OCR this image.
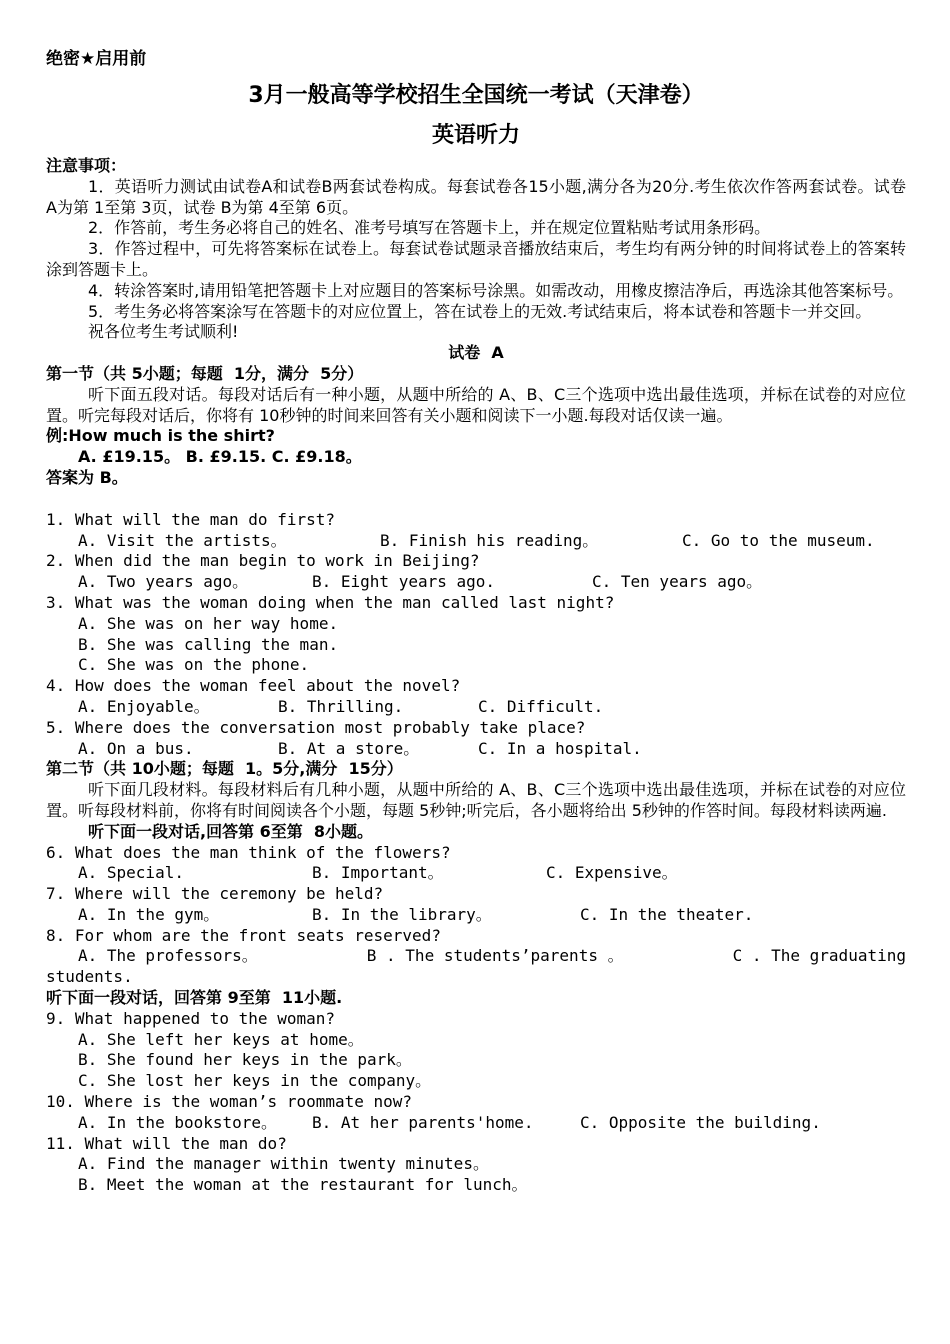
绝密★启用前
3月一般高等学校招生全国统一考试（天津卷）
英语听力
注意事项：
1．英语听力测试由试卷A和试卷B两套试卷构成。每套试卷各15小题,满分各为20分.考生依次作答两套试卷。试卷 A为第 1至第 3页，试卷 B为第 4至第 6页。
2．作答前，考生务必将自己的姓名、准考号填写在答题卡上，并在规定位置粘贴考试用条形码。
3．作答过程中，可先将答案标在试卷上。每套试卷试题录音播放结束后，考生均有两分钟的时间将试卷上的答案转涂到答题卡上。
4．转涂答案时,请用铅笔把答题卡上对应题目的答案标号涂黑。如需改动，用橡皮擦洁净后，再选涂其他答案标号。
5．考生务必将答案涂写在答题卡的对应位置上，答在试卷上的无效.考试结束后，将本试卷和答题卡一并交回。
祝各位考生考试顺利!
试卷  A
第一节（共 5小题；每题  1分，满分  5分）
听下面五段对话。每段对话后有一种小题，从题中所给的 A、B、C三个选项中选出最佳选项，并标在试卷的对应位置。听完每段对话后，你将有 10秒钟的时间来回答有关小题和阅读下一小题.每段对话仅读一遍。
例:How much is the shirt?
A. £19.15。 B. £9.15. C. £9.18。
答案为 B。
1. What will the man do first?
A. Visit the artists。	B. Finish his reading。	C. Go to the museum.
2. When did the man begin to work in Beijing?
A. Two years ago。	B. Eight years ago.	C. Ten years ago。
3. What was the woman doing when the man called last night?
A. She was on her way home.
B. She was calling the man.
C. She was on the phone.
4. How does the woman feel about the novel?
A. Enjoyable。	B. Thrilling.	C. Difficult.
5. Where does the conversation most probably take place?
A. On a bus.	B. At a store。	C. In a hospital.
第二节（共 10小题；每题  1。5分,满分  15分）
听下面几段材料。每段材料后有几种小题，从题中所给的 A、B、C三个选项中选出最佳选项，并标在试卷的对应位置。听每段材料前，你将有时间阅读各个小题，每题 5秒钟;听完后，各小题将给出 5秒钟的作答时间。每段材料读两遍.
听下面一段对话,回答第 6至第  8小题。
6. What does the man think of the flowers?
A. Special.	B. Important。	C. Expensive。
7. Where will the ceremony be held?
A. In the gym。	B. In the library。	C. In the theater.
8. For whom are the front seats reserved?
A. The professors。	B . The students’parents 。	C . The graduating
students.
听下面一段对话，回答第 9至第  11小题.
9. What happened to the woman?
A. She left her keys at home。
B. She found her keys in the park。
C. She lost her keys in the company。
10. Where is the woman’s roommate now?
A. In the bookstore。	B. At her parents'home.	C. Opposite the building.
11. What will the man do?
A. Find the manager within twenty minutes。
B. Meet the woman at the restaurant for lunch。
